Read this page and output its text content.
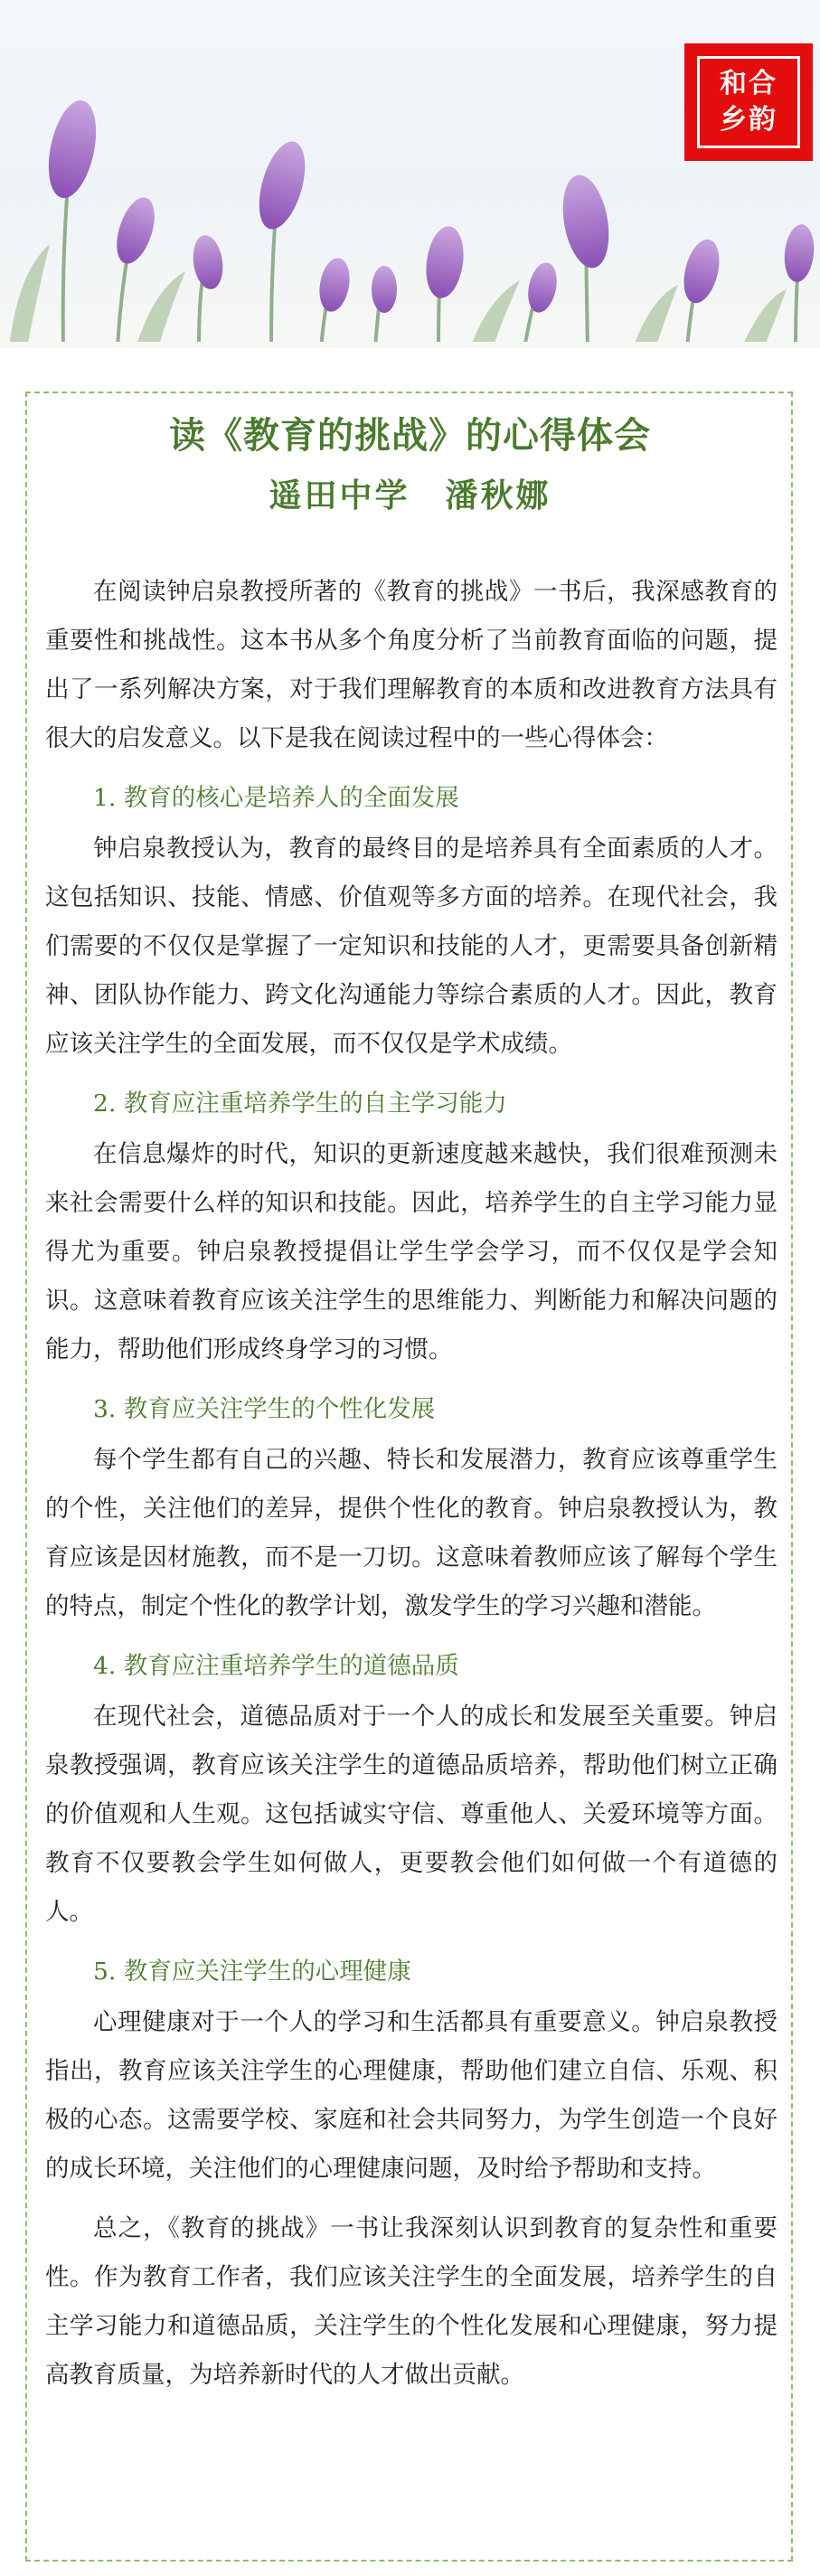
和合
乡韵
读《教育的挑战》的心得体会
遥田中学　潘秋娜

在阅读钟启泉教授所著的《教育的挑战》一书后，我深感教育的重要性和挑战性。这本书从多个角度分析了当前教育面临的问题，提出了一系列解决方案，对于我们理解教育的本质和改进教育方法具有很大的启发意义。以下是我在阅读过程中的一些心得体会：

1. 教育的核心是培养人的全面发展

钟启泉教授认为，教育的最终目的是培养具有全面素质的人才。这包括知识、技能、情感、价值观等多方面的培养。在现代社会，我们需要的不仅仅是掌握了一定知识和技能的人才，更需要具备创新精神、团队协作能力、跨文化沟通能力等综合素质的人才。因此，教育应该关注学生的全面发展，而不仅仅是学术成绩。

2. 教育应注重培养学生的自主学习能力

在信息爆炸的时代，知识的更新速度越来越快，我们很难预测未来社会需要什么样的知识和技能。因此，培养学生的自主学习能力显得尤为重要。钟启泉教授提倡让学生学会学习，而不仅仅是学会知识。这意味着教育应该关注学生的思维能力、判断能力和解决问题的能力，帮助他们形成终身学习的习惯。

3. 教育应关注学生的个性化发展

每个学生都有自己的兴趣、特长和发展潜力，教育应该尊重学生的个性，关注他们的差异，提供个性化的教育。钟启泉教授认为，教育应该是因材施教，而不是一刀切。这意味着教师应该了解每个学生的特点，制定个性化的教学计划，激发学生的学习兴趣和潜能。

4. 教育应注重培养学生的道德品质

在现代社会，道德品质对于一个人的成长和发展至关重要。钟启泉教授强调，教育应该关注学生的道德品质培养，帮助他们树立正确的价值观和人生观。这包括诚实守信、尊重他人、关爱环境等方面。教育不仅要教会学生如何做人，更要教会他们如何做一个有道德的人。

5. 教育应关注学生的心理健康

心理健康对于一个人的学习和生活都具有重要意义。钟启泉教授指出，教育应该关注学生的心理健康，帮助他们建立自信、乐观、积极的心态。这需要学校、家庭和社会共同努力，为学生创造一个良好的成长环境，关注他们的心理健康问题，及时给予帮助和支持。

总之，《教育的挑战》一书让我深刻认识到教育的复杂性和重要性。作为教育工作者，我们应该关注学生的全面发展，培养学生的自主学习能力和道德品质，关注学生的个性化发展和心理健康，努力提高教育质量，为培养新时代的人才做出贡献。
